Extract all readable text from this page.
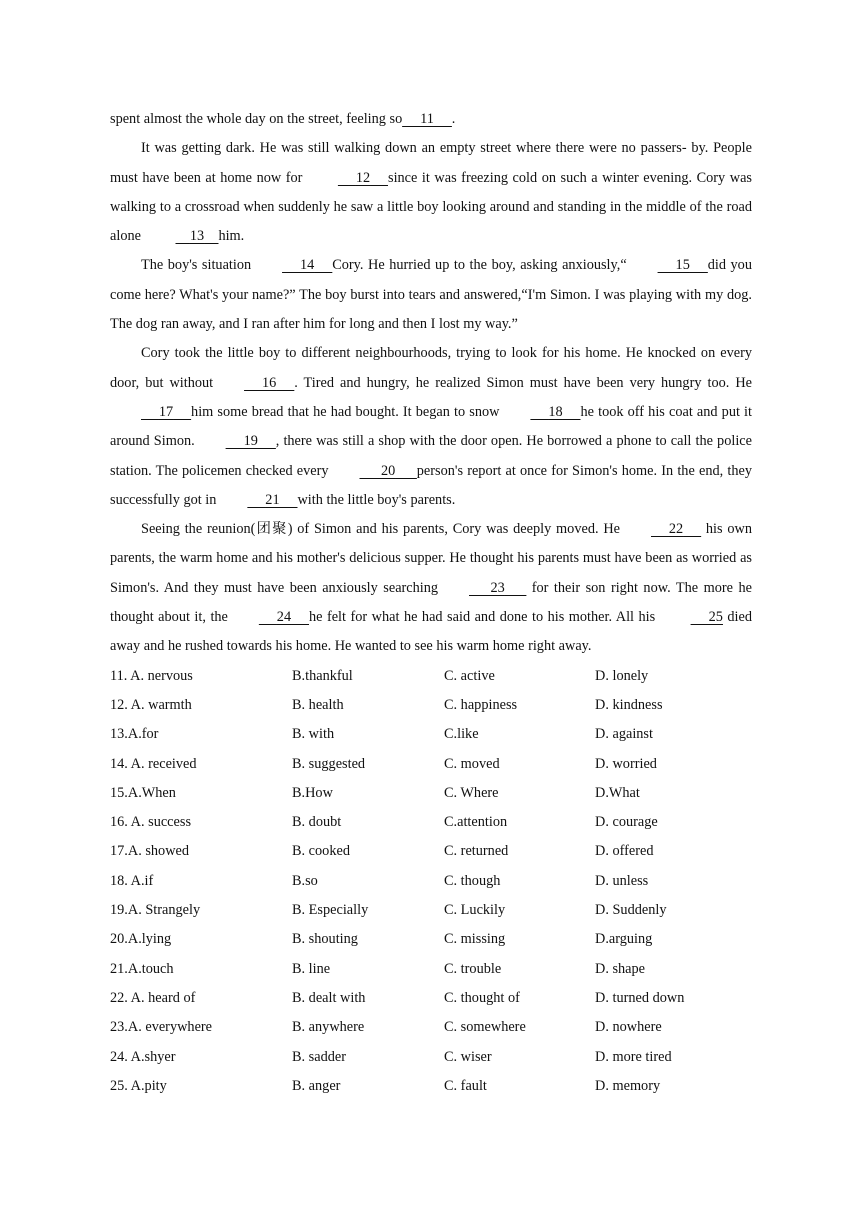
spent almost the whole day on the street, feeling so 11 .

It was getting dark. He was still walking down an empty street where there were no passers- by. People must have been at home now for	12 since it was freezing cold on such a winter evening. Cory was walking to a crossroad when suddenly he saw a little boy looking around and standing in the middle of the road alone	13 him.

The boy's situation	14 Cory. He hurried up to the boy, asking anxiously,“	15 did you come here? What's your name?” The boy burst into tears and answered,“I'm Simon. I was playing with my dog. The dog ran away, and I ran after him for long and then I lost my way.”

Cory took the little boy to different neighbourhoods, trying to look for his home. He knocked on every door, but without	16 . Tired and hungry, he realized Simon must have been very hungry too. He     17 him some bread that he had bought. It began to snow	18 he took off his coat and put it around Simon.	19 , there was still a shop with the door open. He borrowed a phone to call the police station. The policemen checked every	20 person's report at once for Simon's home. In the end, they successfully got in	21 with the little boy's parents.

Seeing the reunion(团聚) of Simon and his parents, Cory was deeply moved. He	22      his own parents, the warm home and his mother's delicious supper. He thought his parents must have been as worried as Simon's. And they must have been anxiously searching	23       for their son right now. The more he thought about it, the	24 he felt for what he had said and done to his mother. All his	25 died away and he rushed towards his home. He wanted to see his warm home right away.

11. A. nervous	B.thankful	C. active	D. lonely
12. A. warmth	B. health	C. happiness	D. kindness
13.A.for	B. with	C.like	D. against
14. A. received	B. suggested	C. moved	D. worried
15.A.When	B.How	C. Where	D.What
16. A. success	B. doubt	C.attention	D. courage
17.A. showed	B. cooked	C. returned	D. offered
18. A.if	B.so	C. though	D. unless
19.A. Strangely	B. Especially	C. Luckily	D. Suddenly
20.A.lying	B. shouting	C. missing	D.arguing
21.A.touch	B. line	C. trouble	D. shape
22. A. heard of	B. dealt with	C. thought of	D. turned down
23.A. everywhere	B. anywhere	C. somewhere	D. nowhere
24. A.shyer	B. sadder	C. wiser	D. more tired
25. A.pity	B. anger	C. fault	D. memory
